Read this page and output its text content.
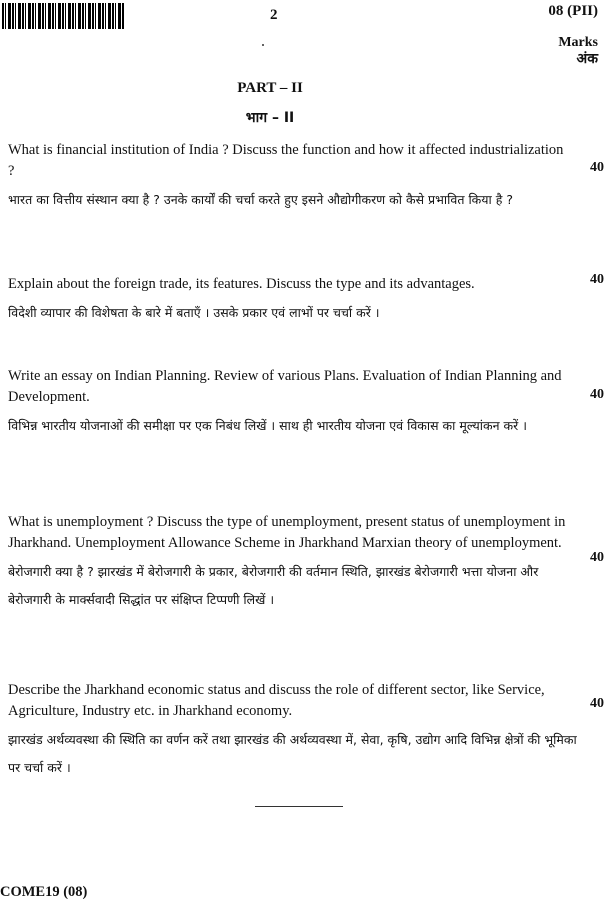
2	08 (PII)
Marks
अंक
PART – II
भाग – II
What is financial institution of India ? Discuss the function and how it affected industrialization ?
भारत का वित्तीय संस्थान क्या है ? उनके कार्यों की चर्चा करते हुए इसने औद्योगीकरण को कैसे प्रभावित किया है ?
40
Explain about the foreign trade, its features. Discuss the type and its advantages.
विदेशी व्यापार की विशेषता के बारे में बताएँ । उसके प्रकार एवं लाभों पर चर्चा करें ।
40
Write an essay on Indian Planning. Review of various Plans. Evaluation of Indian Planning and Development.
विभिन्न भारतीय योजनाओं की समीक्षा पर एक निबंध लिखें । साथ ही भारतीय योजना एवं विकास का मूल्यांकन करें ।
40
What is unemployment ? Discuss the type of unemployment, present status of unemployment in Jharkhand. Unemployment Allowance Scheme in Jharkhand Marxian theory of unemployment.
बेरोजगारी क्या है ? झारखंड में बेरोजगारी के प्रकार, बेरोजगारी की वर्तमान स्थिति, झारखंड बेरोजगारी भत्ता योजना और बेरोजगारी के मार्क्सवादी सिद्धांत पर संक्षिप्त टिप्पणी लिखें ।
40
Describe the Jharkhand economic status and discuss the role of different sector, like Service, Agriculture, Industry etc. in Jharkhand economy.
झारखंड अर्थव्यवस्था की स्थिति का वर्णन करें तथा झारखंड की अर्थव्यवस्था में, सेवा, कृषि, उद्योग आदि विभिन्न क्षेत्रों की भूमिका पर चर्चा करें ।
40
COME19 (08)
